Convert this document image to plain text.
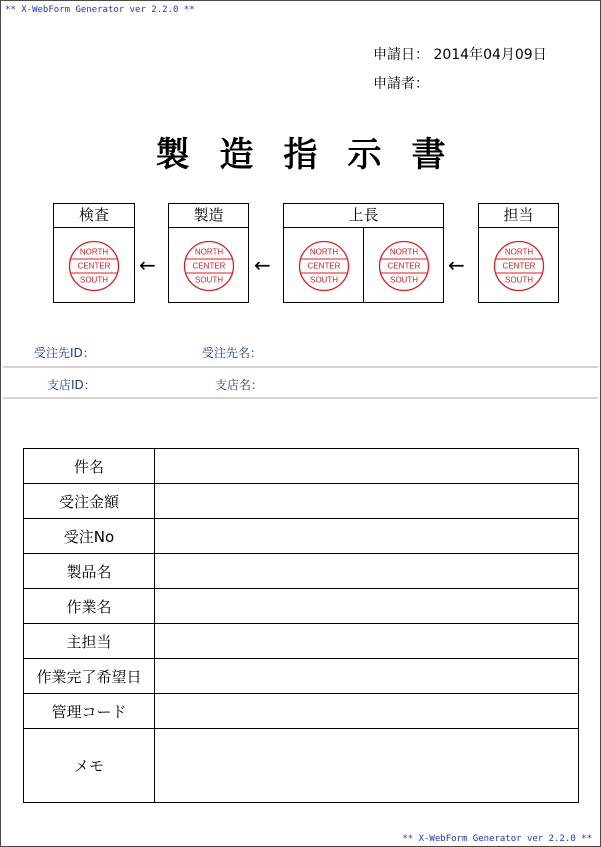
** X-WebForm Generator ver 2.2.0 **
申請日： 2014年04月09日
申請者：
製 造 指 示 書
検査
NORTH
CENTER
SOUTH
←
製造
NORTH
CENTER
SOUTH
←
上長
NORTH
CENTER
SOUTH
NORTH
CENTER
SOUTH
←
担当
NORTH
CENTER
SOUTH
受注先ID：	受注先名：
支店ID：	支店名：
件名	
受注金額	
受注No	
製品名	
作業名	
主担当	
作業完了希望日	
管理コード	
メモ	
** X-WebForm Generator ver 2.2.0 **
